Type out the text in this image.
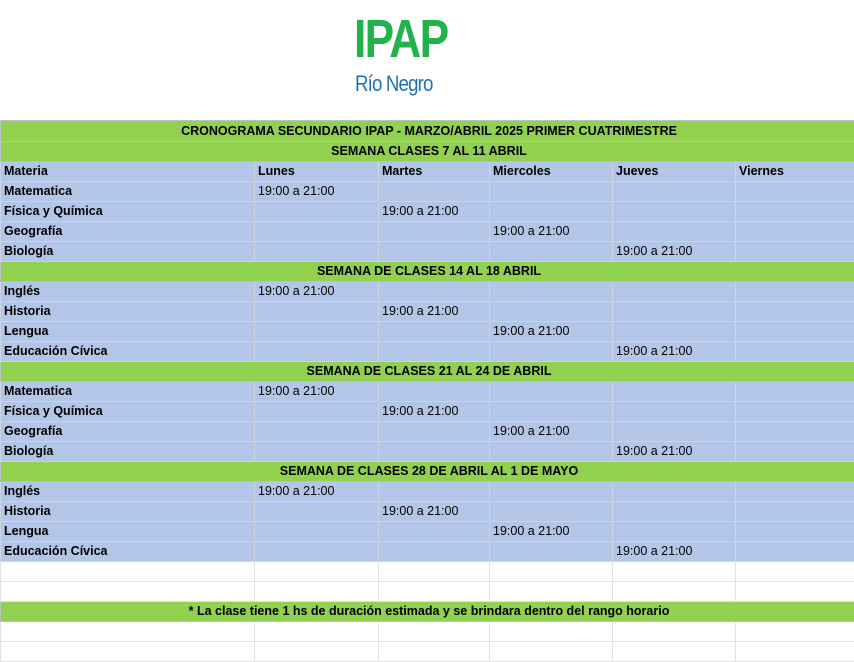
IPAP
Río Negro
CRONOGRAMA SECUNDARIO IPAP - MARZO/ABRIL 2025 PRIMER CUATRIMESTRE					
SEMANA CLASES 7 AL 11 ABRIL					
Materia	Lunes	Martes	Miercoles	Jueves	Viernes
Matematica	19:00 a 21:00				
Física y Química		19:00 a 21:00			
Geografía			19:00 a 21:00		
Biología				19:00 a 21:00	
SEMANA DE CLASES 14 AL 18 ABRIL					
Inglés	19:00 a 21:00				
Historia		19:00 a 21:00			
Lengua			19:00 a 21:00		
Educación Cívica				19:00 a 21:00	
SEMANA DE CLASES 21 AL 24 DE ABRIL					
Matematica	19:00 a 21:00				
Física y Química		19:00 a 21:00			
Geografía			19:00 a 21:00		
Biología				19:00 a 21:00	
SEMANA DE CLASES 28 DE ABRIL AL 1 DE MAYO					
Inglés	19:00 a 21:00				
Historia		19:00 a 21:00			
Lengua			19:00 a 21:00		
Educación Cívica				19:00 a 21:00	

* La clase tiene 1 hs de duración estimada y se brindara dentro del rango horario					
